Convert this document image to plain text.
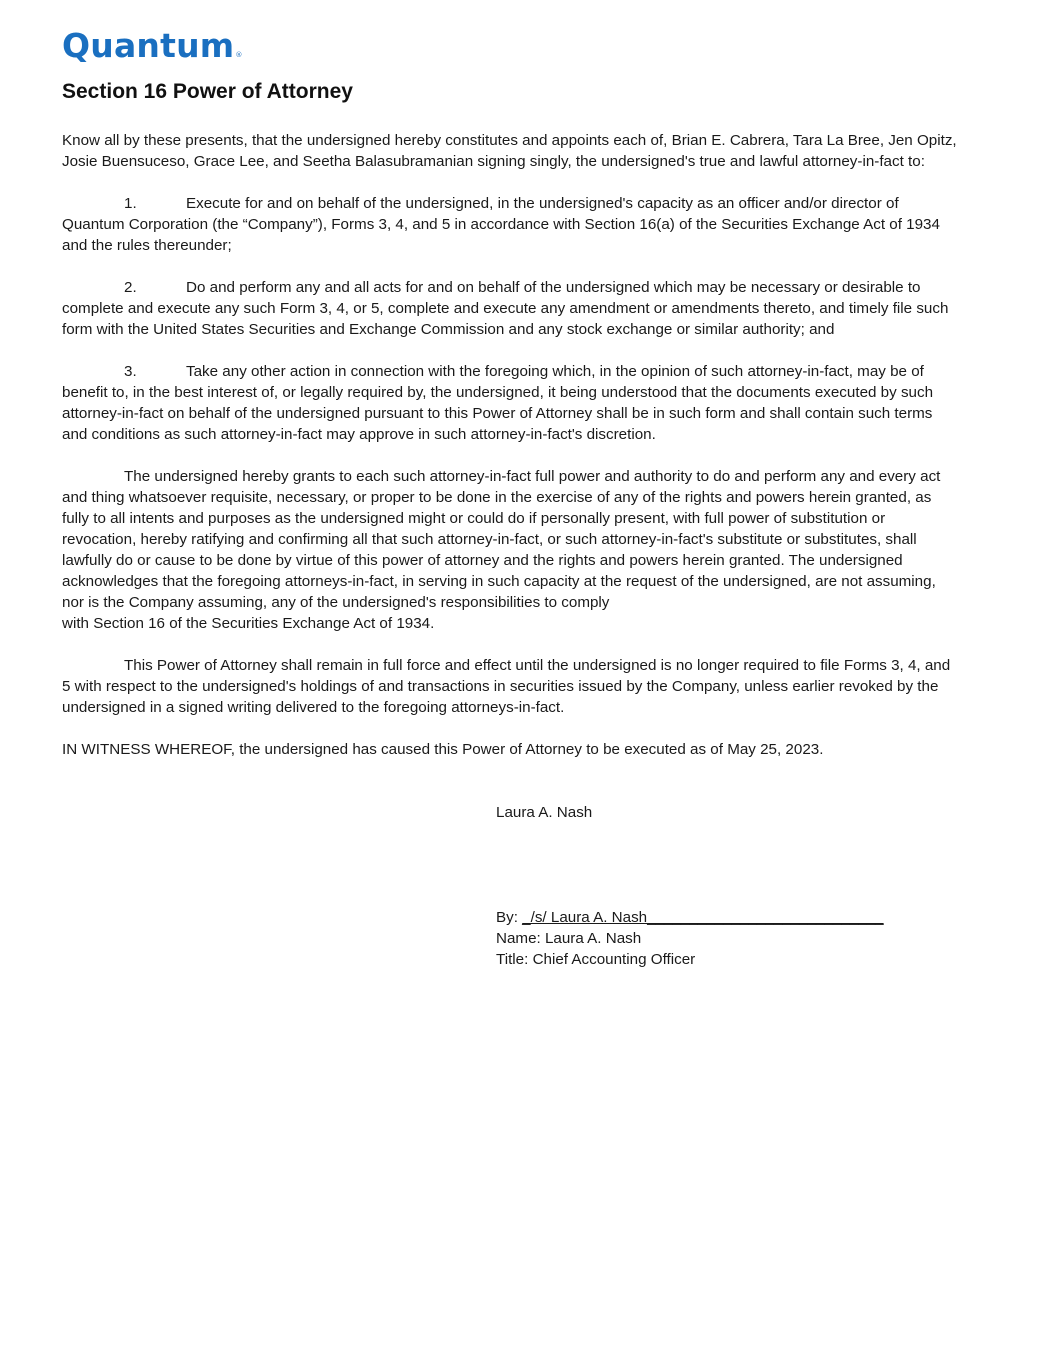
Quantum®
Section 16 Power of Attorney

Know all by these presents, that the undersigned hereby constitutes and appoints each of, Brian E. Cabrera, Tara La Bree, Jen Opitz,
Josie Buensuceso, Grace Lee, and Seetha Balasubramanian signing singly, the undersigned's true and lawful attorney-in-fact to:

1.	Execute for and on behalf of the undersigned, in the undersigned's capacity as an officer and/or director of
Quantum Corporation (the “Company”), Forms 3, 4, and 5 in accordance with Section 16(a) of the Securities Exchange Act of 1934
and the rules thereunder;

2.	Do and perform any and all acts for and on behalf of the undersigned which may be necessary or desirable to
complete and execute any such Form 3, 4, or 5, complete and execute any amendment or amendments thereto, and timely file such
form with the United States Securities and Exchange Commission and any stock exchange or similar authority; and

3.	Take any other action in connection with the foregoing which, in the opinion of such attorney-in-fact, may be of
benefit to, in the best interest of, or legally required by, the undersigned, it being understood that the documents executed by such
attorney-in-fact on behalf of the undersigned pursuant to this Power of Attorney shall be in such form and shall contain such terms
and conditions as such attorney-in-fact may approve in such attorney-in-fact's discretion.

The undersigned hereby grants to each such attorney-in-fact full power and authority to do and perform any and every act
and thing whatsoever requisite, necessary, or proper to be done in the exercise of any of the rights and powers herein granted, as
fully to all intents and purposes as the undersigned might or could do if personally present, with full power of substitution or
revocation, hereby ratifying and confirming all that such attorney-in-fact, or such attorney-in-fact's substitute or substitutes, shall
lawfully do or cause to be done by virtue of this power of attorney and the rights and powers herein granted. The undersigned
acknowledges that the foregoing attorneys-in-fact, in serving in such capacity at the request of the undersigned, are not assuming,
nor is the Company assuming, any of the undersigned's responsibilities to comply
with Section 16 of the Securities Exchange Act of 1934.

This Power of Attorney shall remain in full force and effect until the undersigned is no longer required to file Forms 3, 4, and
5 with respect to the undersigned's holdings of and transactions in securities issued by the Company, unless earlier revoked by the
undersigned in a signed writing delivered to the foregoing attorneys-in-fact.

IN WITNESS WHEREOF, the undersigned has caused this Power of Attorney to be executed as of May 25, 2023.

Laura A. Nash
By: _/s/ Laura A. Nash____________________________
Name: Laura A. Nash
Title: Chief Accounting Officer
